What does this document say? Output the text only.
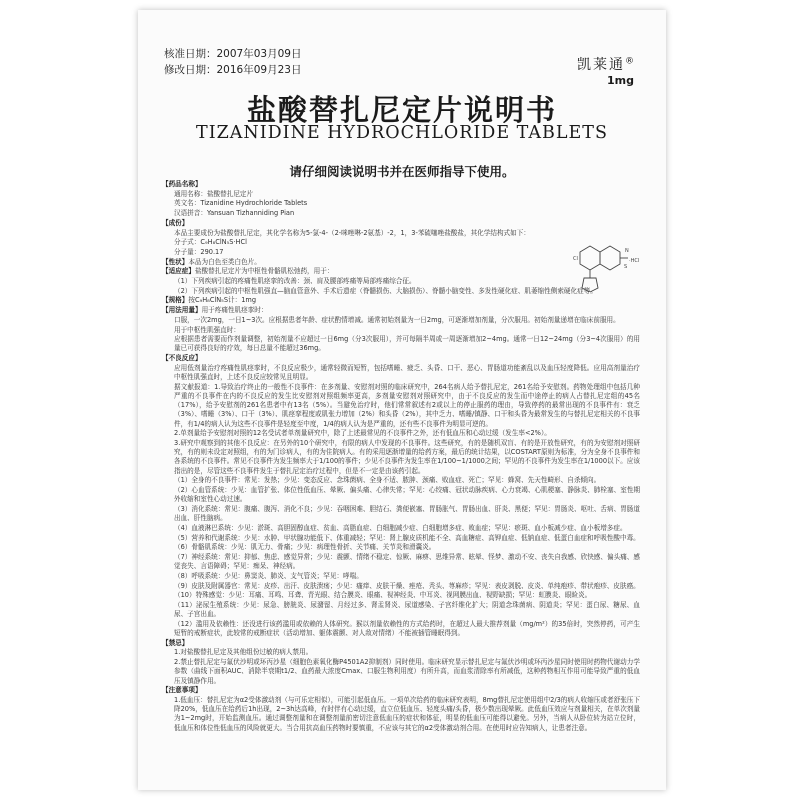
核准日期：2007年03月09日
修改日期：2016年09月23日	凯莱通®
1mg
盐酸替扎尼定片说明书
TIZANIDINE HYDROCHLORIDE TABLETS
请仔细阅读说明书并在医师指导下使用。
Cl
N
S
·HCl

【药品名称】

通用名称：盐酸替扎尼定片

英文名：Tizanidine Hydrochloride Tablets

汉语拼音：Yansuan Tizhanniding Pian

【成份】

本品主要成份为盐酸替扎尼定，其化学名称为5-氯-4-（2-咪唑啉-2氨基）-2，1，3-苯硫噻唑盐酸盐，其化学结构式如下：

分子式：C₉H₈ClN₅S·HCl

分子量：290.17

【性状】本品为白色至类白色片。

【适应症】盐酸替扎尼定片为中枢性骨骼肌松弛药，用于：

（1）下列疾病引起的疼痛性肌痉挛的改善：颈、肩及腰部疼痛等局部疼痛综合征。

（2）下列疾病引起的中枢性肌强直—脑血管意外、手术后遗症（脊髓损伤、大脑损伤）、脊髓小脑变性、多发性硬化症、肌萎缩性侧索硬化症等。

【规格】按C₉H₈ClN₅S计：1mg

【用法用量】用于疼痛性肌痉挛时：

口服，一次2mg，一日1~3次。应根据患者年龄、症状酌情增减。通常初始剂量为一日2mg，可逐渐增加剂量，分次服用。初始剂量递增在临床前服用。

用于中枢性肌强直时：

应根据患者需要而作剂量调整，初始剂量不应超过一日6mg（分3次服用），并可每隔半周或一周逐渐增加2~4mg。通常一日12~24mg（分3~4次服用）的用量已可获得良好的疗效，每日总量不能超过36mg。

【不良反应】

应用低剂量治疗疼痛性肌痉挛时，不良反应极少，通常轻微而短暂，包括嗜睡、疲乏、头昏、口干、恶心、胃肠道功能紊乱以及血压轻度降低。应用高剂量治疗中枢性肌强直时，上述不良反应较常见且明显。

据文献报道：1.导致治疗终止的一般性不良事件：在多剂量、安慰剂对照的临床研究中，264名病人给予替扎尼定，261名给予安慰剂。药物处理组中包括几种严重的不良事件在内的不良反应的发生比安慰剂对照组频率更高，多剂量安慰剂对照研究中，由于不良反应的发生而中途停止的病人占替扎尼定组的45名（17%），给予安慰剂的261名患者中有13名（5%）。当避免治疗时，他们常常叙述有2或以上的停止服药的理由，导致停药的最常出现的不良事件有：衰乏（3%）、嗜睡（3%）、口干（3%）、肌痉挛程度或肌张力增加（2%）和头昏（2%），其中乏力、嗜睡/镇静、口干和头昏为最常发生的与替扎尼定相关的不良事件，有1/4的病人认为这些不良事件是轻度至中度，1/4的病人认为是严重的，还有些不良事件为明显可逆的。

2.单剂量给予安慰剂对照的12名受试者单剂量研究中，除了上述最常见的不良事件之外，还有低血压和心动过缓（发生率<2%）。

3.研究中观察到的其他不良反应：在另外的10个研究中，有限的病人中发现的不良事件。这些研究，有的是随机双盲、有的是开放性研究，有的为安慰剂对照研究，有的则未设定对照组，有的为门诊病人，有的为住院病人。有的采用逐渐增量的给药方案，最后的统计结果，以COSTART原则为标准，分为全身不良事件和各系统的不良事件。常见不良事件为发生频率大于1/100的事件；少见不良事件为发生率在1/100~1/1000之间；罕见的不良事件为发生率在1/1000以下。应该指出的是，尽管这些不良事件发生于替扎尼定治疗过程中，但是不一定是由该药引起。

（1）全身的不良事件：常见：发热；少见：变态反应、念珠菌病、全身不适、脓肿、颈痛、败血症、死亡；罕见：蜂窝、先天性畸形、自杀倾向。

（2）心血管系统：少见：血管扩张、体位性低血压、晕厥、偏头痛、心律失常；罕见：心绞痛、冠状动脉疾病、心力衰竭、心肌梗塞、静脉炎、肺栓塞、室性期外收缩和室性心动过速。

（3）消化系统：常见：腹痛、腹泻、消化不良；少见：吞咽困难、胆结石、粪便嵌塞、胃肠胀气、胃肠出血、肝炎、黑便；罕见：胃肠炎、呕吐、舌病、胃肠道出血、肝性脑病。

（4）血液淋巴系统：少见：淤斑、高胆固醇血症、贫血、高脂血症、白细胞减少症、白细胞增多症、败血症；罕见：瘀斑、血小板减少症、血小板增多症。

（5）营养和代谢系统：少见：水肿、甲状腺功能低下、体重减轻；罕见：肾上腺皮质机能不全、高血糖症、高钾血症、低钠血症、低蛋白血症和呼吸性酸中毒。

（6）骨骼肌系统：少见：肌无力、骨痛；少见：病理性骨折、关节痛、关节炎和滑囊炎。

（7）神经系统：常见：抑郁、焦虑、感觉异常；少见：震颤、情绪不稳定、惊厥、麻痹、思维异常、眩晕、怪梦、激动不安、丧失自我感、欣快感、偏头痛、感觉丧失、言语障碍；罕见：痴呆、神经病。

（8）呼吸系统：少见：鼻窦炎、肺炎、支气管炎；罕见：哮喘。

（9）皮肤及附属器官：常见：皮疹、出汗、皮肤溃疡；少见：瘙痒、皮肤干燥、痤疮、秃头、荨麻疹；罕见：表皮剥脱、皮炎、单纯疱疹、带状疱疹、皮肤癌。

（10）特殊感觉：少见：耳痛、耳鸣、耳聋、青光眼、结合膜炎、眼痛、视神经炎、中耳炎、视网膜出血、视野缺损；罕见：虹膜炎、眼睑炎。

（11）泌尿生殖系统：少见：尿急、膀胱炎、尿潴留、月经过多、肾盂肾炎、尿道感染、子宫纤维化扩大；阴道念珠菌病、阴道炎；罕见：蛋白尿、糖尿、血尿、子宫出血。

（12）滥用及依赖性：还没进行该药滥用或依赖的人体研究。猴以剂量依赖性的方式给药时，在超过人最大推荐剂量（mg/m²）的35倍时，突然停药，可产生短暂的戒断症状，此较常的戒断症状（活动增加、躯体震颤、对人敌对情绪）不能被插管睡眠得到。

【禁忌】

1.对盐酸替扎尼定及其他组份过敏的病人禁用。

2.禁止替扎尼定与氟伏沙明或环丙沙星（细胞色素氧化酶P4501A2抑制剂）同时使用。临床研究显示替扎尼定与氟伏沙明或环丙沙星同时使用时药物代谢动力学参数（曲线下面积AUC、消除半衰期t1/2、血药最大浓度Cmax、口服生物利用度）有所升高，而血浆清除率有所减低，这种药物相互作用可能导致严重的低血压及镇静作用。

【注意事项】

1.低血压：替扎尼定为α2受体激动剂（与可乐定相似），可能引起低血压。一项单次给药的临床研究表明，8mg替扎尼定使用组中2/3的病人收缩压或者舒张压下降20%，低血压在给药后1h出现，2~3h达高峰，有时伴有心动过缓，直立位低血压、轻度头痛/头昏，极少数出现晕厥。此低血压效应与剂量相关，在单次剂量为1~2mg时，开始监测血压。通过调整剂量和在调整剂量前密切注意低血压的症状和体征，明显的低血压可能得以避免。另外，当病人从卧位转为站立位时，低血压和体位性低血压的风险就更大。当合用抗高血压药物时要慎重，不应该与其它的α2受体激动剂合用。在使用时应告知病人，让患者注意。
